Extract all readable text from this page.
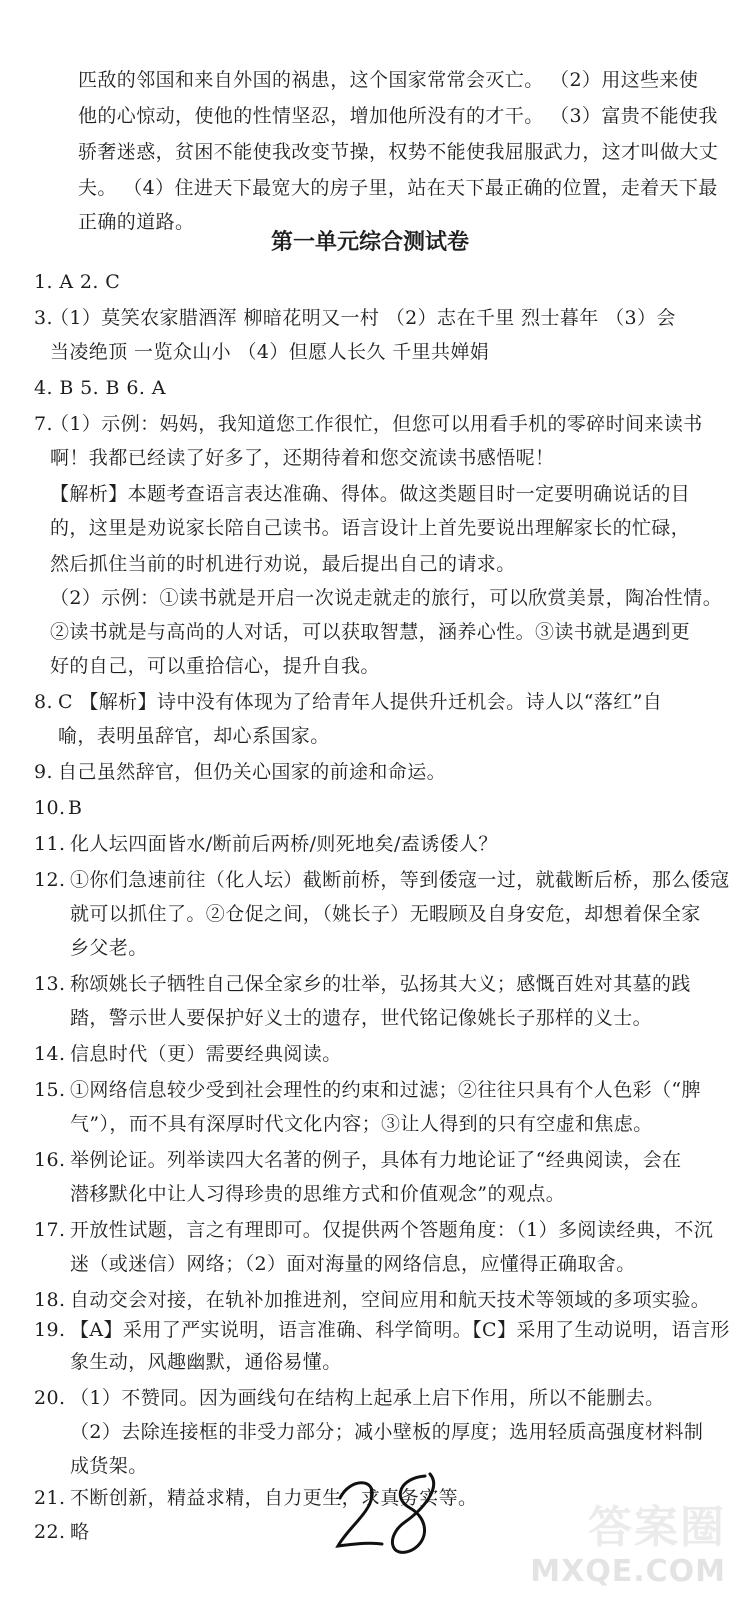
匹敌的邻国和来自外国的祸患，这个国家常常会灭亡。 （2）用这些来使
他的心惊动，使他的性情坚忍，增加他所没有的才干。 （3）富贵不能使我
骄奢迷惑，贫困不能使我改变节操，权势不能使我屈服武力，这才叫做大丈
夫。 （4）住进天下最宽大的房子里，站在天下最正确的位置，走着天下最
正确的道路。
第一单元综合测试卷
1. A 2. C
3.
（1）莫笑农家腊酒浑 柳暗花明又一村 （2）志在千里 烈士暮年 （3）会
当凌绝顶 一览众山小 （4）但愿人长久 千里共婵娟
4. B 5. B 6. A
7.
（1）示例：妈妈，我知道您工作很忙，但您可以用看手机的零碎时间来读书
啊！我都已经读了好多了，还期待着和您交流读书感悟呢！
【解析】本题考查语言表达准确、得体。做这类题目时一定要明确说话的目
的，这里是劝说家长陪自己读书。语言设计上首先要说出理解家长的忙碌，
然后抓住当前的时机进行劝说，最后提出自己的请求。
（2）示例：①读书就是开启一次说走就走的旅行，可以欣赏美景，陶冶性情。
②读书就是与高尚的人对话，可以获取智慧，涵养心性。③读书就是遇到更
好的自己，可以重拾信心，提升自我。
8. C 【解析】诗中没有体现为了给青年人提供升迁机会。诗人以“落红”自
喻，表明虽辞官，却心系国家。
9. 自己虽然辞官，但仍关心国家的前途和命运。
10. B
11. 化人坛四面皆水/断前后两桥/则死地矣/盍诱倭人？
12. ①你们急速前往（化人坛）截断前桥，等到倭寇一过，就截断后桥，那么倭寇
就可以抓住了。②仓促之间，（姚长子）无暇顾及自身安危，却想着保全家
乡父老。
13. 称颂姚长子牺牲自己保全家乡的壮举，弘扬其大义；感慨百姓对其墓的践
踏，警示世人要保护好义士的遗存，世代铭记像姚长子那样的义士。
14. 信息时代（更）需要经典阅读。
15. ①网络信息较少受到社会理性的约束和过滤；②往往只具有个人色彩（“脾
气”），而不具有深厚时代文化内容；③让人得到的只有空虚和焦虑。
16. 举例论证。列举读四大名著的例子，具体有力地论证了“经典阅读，会在
潜移默化中让人习得珍贵的思维方式和价值观念”的观点。
17. 开放性试题，言之有理即可。仅提供两个答题角度：（1）多阅读经典，不沉
迷（或迷信）网络；（2）面对海量的网络信息，应懂得正确取舍。
18. 自动交会对接，在轨补加推进剂，空间应用和航天技术等领域的多项实验。
19. 【A】采用了严实说明，语言准确、科学简明。【C】采用了生动说明，语言形
象生动，风趣幽默，通俗易懂。
20. （1）不赞同。因为画线句在结构上起承上启下作用，所以不能删去。
（2）去除连接框的非受力部分；减小壁板的厚度；选用轻质高强度材料制
成货架。
21. 不断创新，精益求精，自力更生，求真务实等。
22. 略	答案圈
MXQE.COM
